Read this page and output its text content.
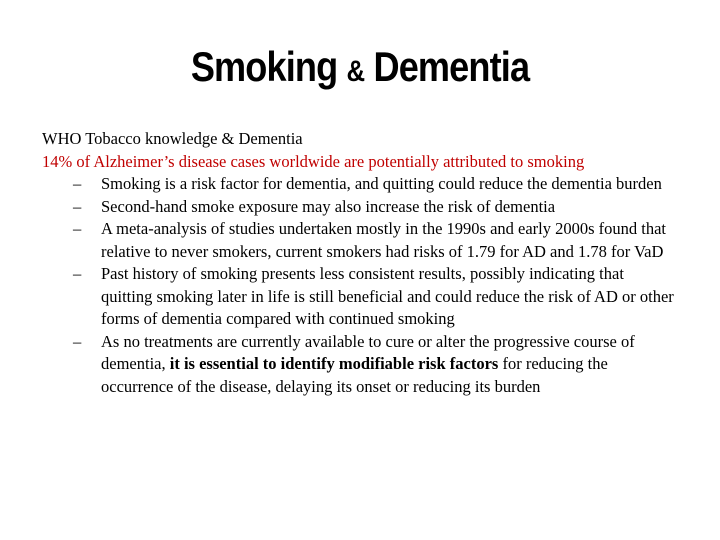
Smoking & Dementia

WHO Tobacco knowledge & Dementia

14% of Alzheimer’s disease cases worldwide are potentially attributed to smoking

– Smoking is a risk factor for dementia, and quitting could reduce the dementia burden
– Second-hand smoke exposure may also increase the risk of dementia
– A meta-analysis of studies undertaken mostly in the 1990s and early 2000s found that relative to never smokers, current smokers had risks of 1.79 for AD and 1.78 for VaD
– Past history of smoking presents less consistent results, possibly indicating that quitting smoking later in life is still beneficial and could reduce the risk of AD or other forms of dementia compared with continued smoking
– As no treatments are currently available to cure or alter the progressive course of dementia, it is essential to identify modifiable risk factors for reducing the occurrence of the disease, delaying its onset or reducing its burden
